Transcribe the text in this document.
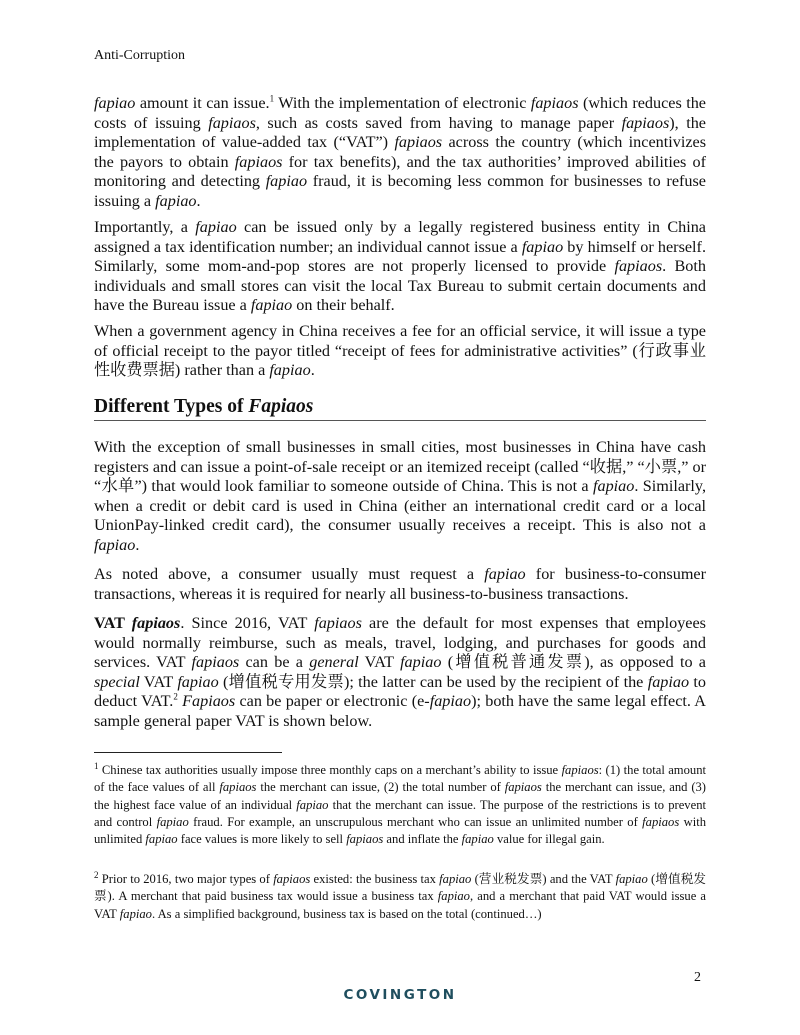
Anti-Corruption

fapiao amount it can issue.$^1$ With the implementation of electronic fapiaos (which reduces the costs of issuing fapiaos, such as costs saved from having to manage paper fapiaos), the implementation of value-added tax (“VAT”) fapiaos across the country (which incentivizes the payors to obtain fapiaos for tax benefits), and the tax authorities’ improved abilities of monitoring and detecting fapiao fraud, it is becoming less common for businesses to refuse issuing a fapiao.

Importantly, a fapiao can be issued only by a legally registered business entity in China assigned a tax identification number; an individual cannot issue a fapiao by himself or herself. Similarly, some mom-and-pop stores are not properly licensed to provide fapiaos. Both individuals and small stores can visit the local Tax Bureau to submit certain documents and have the Bureau issue a fapiao on their behalf.

When a government agency in China receives a fee for an official service, it will issue a type of official receipt to the payor titled “receipt of fees for administrative activities” (行政事业性收费票据) rather than a fapiao.

Different Types of Fapiaos

With the exception of small businesses in small cities, most businesses in China have cash registers and can issue a point-of-sale receipt or an itemized receipt (called “收据,” “小票,” or “水单”) that would look familiar to someone outside of China. This is not a fapiao. Similarly, when a credit or debit card is used in China (either an international credit card or a local UnionPay-linked credit card), the consumer usually receives a receipt. This is also not a fapiao.

As noted above, a consumer usually must request a fapiao for business-to-consumer transactions, whereas it is required for nearly all business-to-business transactions.

VAT fapiaos. Since 2016, VAT fapiaos are the default for most expenses that employees would normally reimburse, such as meals, travel, lodging, and purchases for goods and services. VAT fapiaos can be a general VAT fapiao (增值税普通发票), as opposed to a special VAT fapiao (增值税专用发票); the latter can be used by the recipient of the fapiao to deduct VAT.$^2$ Fapiaos can be paper or electronic (e-fapiao); both have the same legal effect. A sample general paper VAT is shown below.

$^1$ Chinese tax authorities usually impose three monthly caps on a merchant’s ability to issue fapiaos: (1) the total amount of the face values of all fapiaos the merchant can issue, (2) the total number of fapiaos the merchant can issue, and (3) the highest face value of an individual fapiao that the merchant can issue. The purpose of the restrictions is to prevent and control fapiao fraud. For example, an unscrupulous merchant who can issue an unlimited number of fapiaos with unlimited fapiao face values is more likely to sell fapiaos and inflate the fapiao value for illegal gain.

$^2$ Prior to 2016, two major types of fapiaos existed: the business tax fapiao (营业税发票) and the VAT fapiao (增值税发票). A merchant that paid business tax would issue a business tax fapiao, and a merchant that paid VAT would issue a VAT fapiao. As a simplified background, business tax is based on the total (continued…)

2
COVINGTON
